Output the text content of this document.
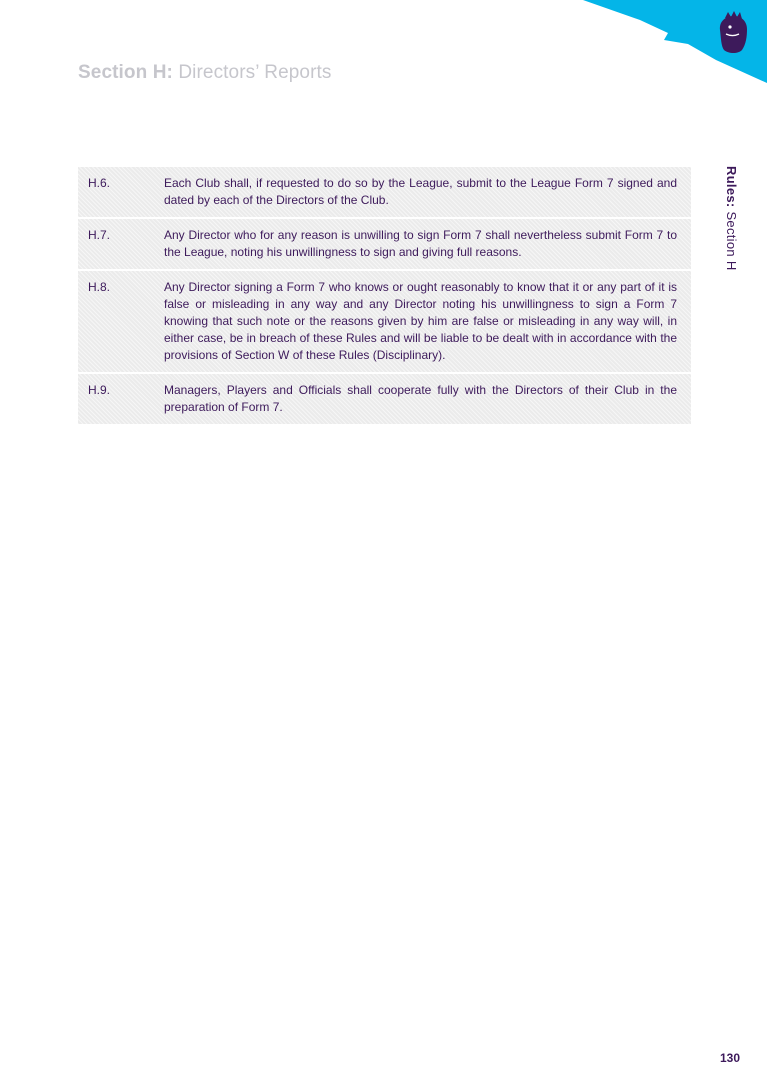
Section H: Directors’ Reports
Rules: Section H
H.6.	Each Club shall, if requested to do so by the League, submit to the League Form 7 signed and dated by each of the Directors of the Club.
H.7.	Any Director who for any reason is unwilling to sign Form 7 shall nevertheless submit Form 7 to the League, noting his unwillingness to sign and giving full reasons.
H.8.	Any Director signing a Form 7 who knows or ought reasonably to know that it or any part of it is false or misleading in any way and any Director noting his unwillingness to sign a Form 7 knowing that such note or the reasons given by him are false or misleading in any way will, in either case, be in breach of these Rules and will be liable to be dealt with in accordance with the provisions of Section W of these Rules (Disciplinary).
H.9.	Managers, Players and Officials shall cooperate fully with the Directors of their Club in the preparation of Form 7.
130
